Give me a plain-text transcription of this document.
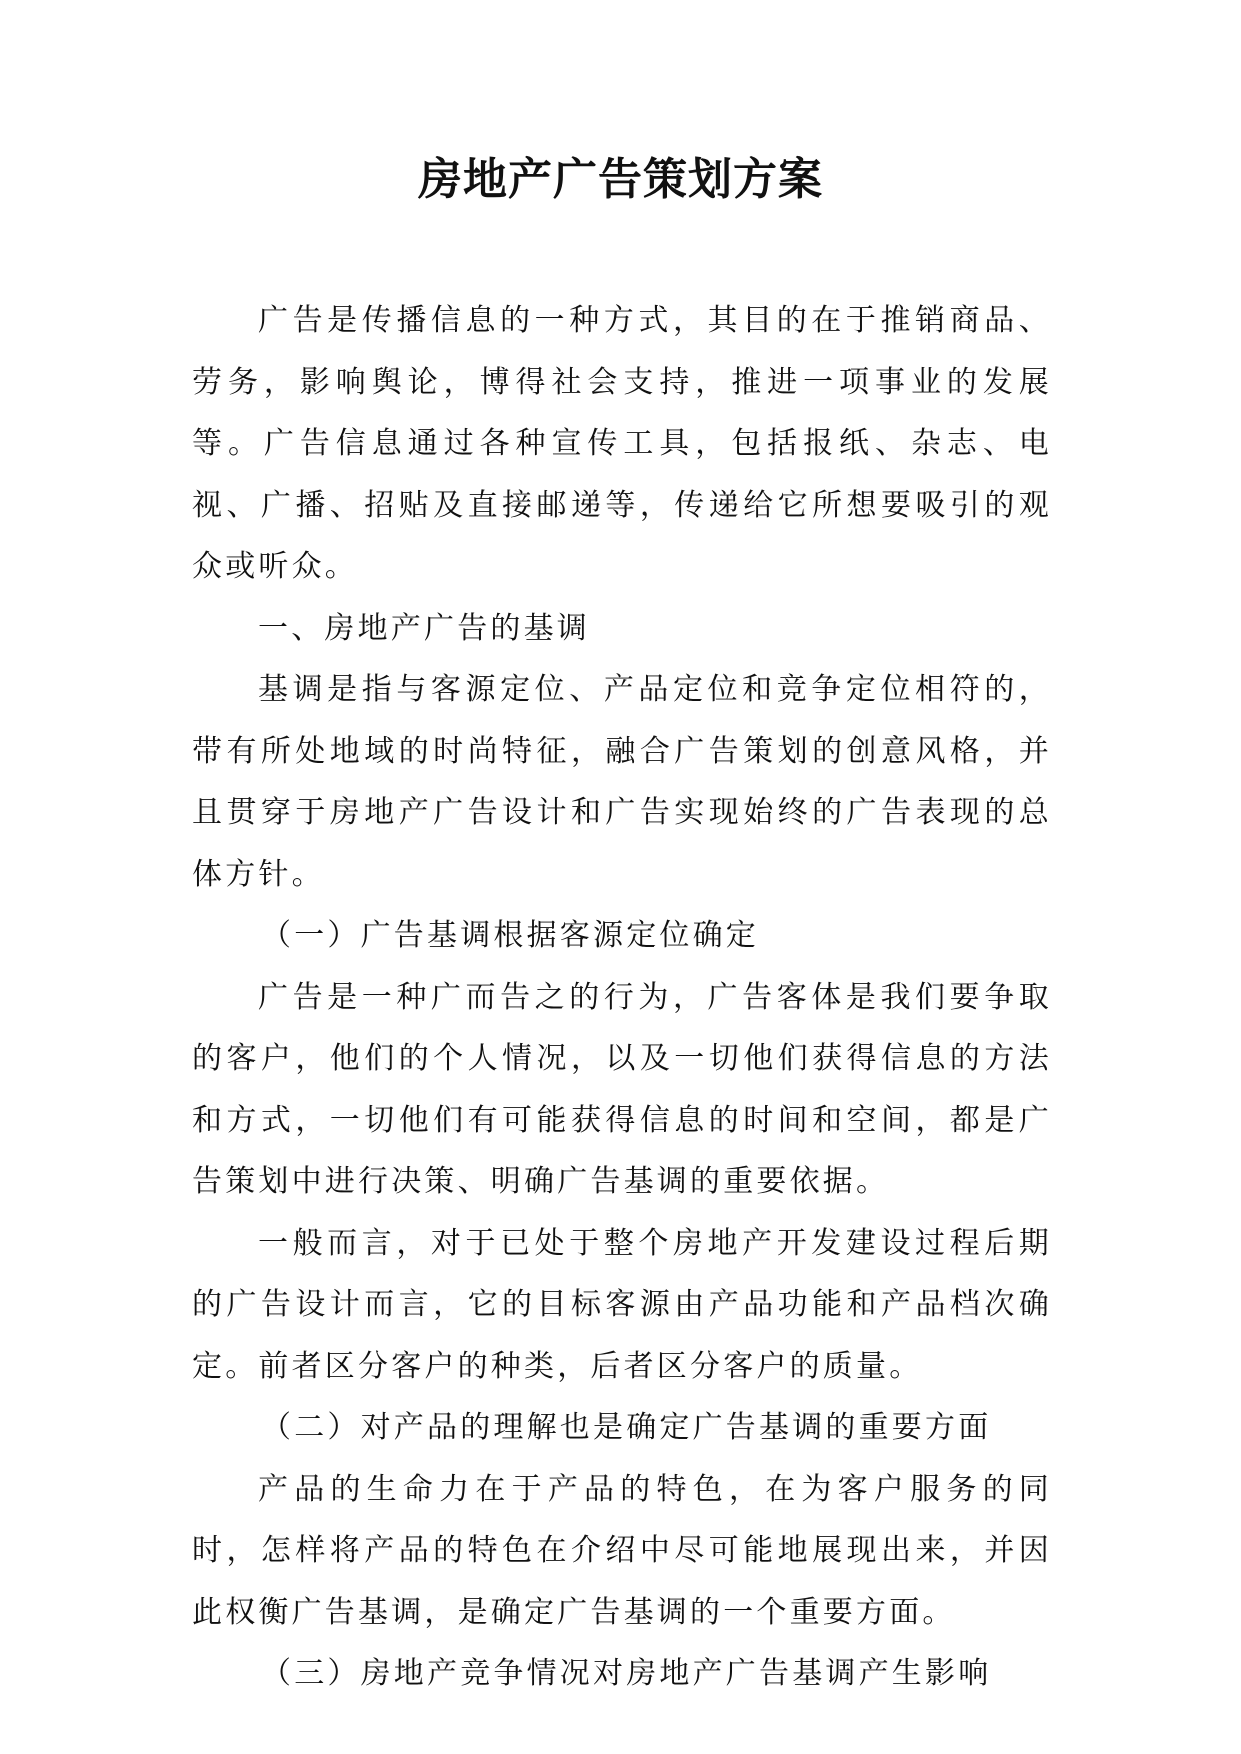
房地产广告策划方案

广告是传播信息的一种方式，其目的在于推销商品、劳务，影响舆论，博得社会支持，推进一项事业的发展等。广告信息通过各种宣传工具，包括报纸、杂志、电视、广播、招贴及直接邮递等，传递给它所想要吸引的观众或听众。

一、房地产广告的基调

基调是指与客源定位、产品定位和竞争定位相符的，带有所处地域的时尚特征，融合广告策划的创意风格，并且贯穿于房地产广告设计和广告实现始终的广告表现的总体方针。

（一）广告基调根据客源定位确定

广告是一种广而告之的行为，广告客体是我们要争取的客户，他们的个人情况，以及一切他们获得信息的方法和方式，一切他们有可能获得信息的时间和空间，都是广告策划中进行决策、明确广告基调的重要依据。

一般而言，对于已处于整个房地产开发建设过程后期的广告设计而言，它的目标客源由产品功能和产品档次确定。前者区分客户的种类，后者区分客户的质量。

（二）对产品的理解也是确定广告基调的重要方面

产品的生命力在于产品的特色，在为客户服务的同时，怎样将产品的特色在介绍中尽可能地展现出来，并因此权衡广告基调，是确定广告基调的一个重要方面。

（三）房地产竞争情况对房地产广告基调产生影响
